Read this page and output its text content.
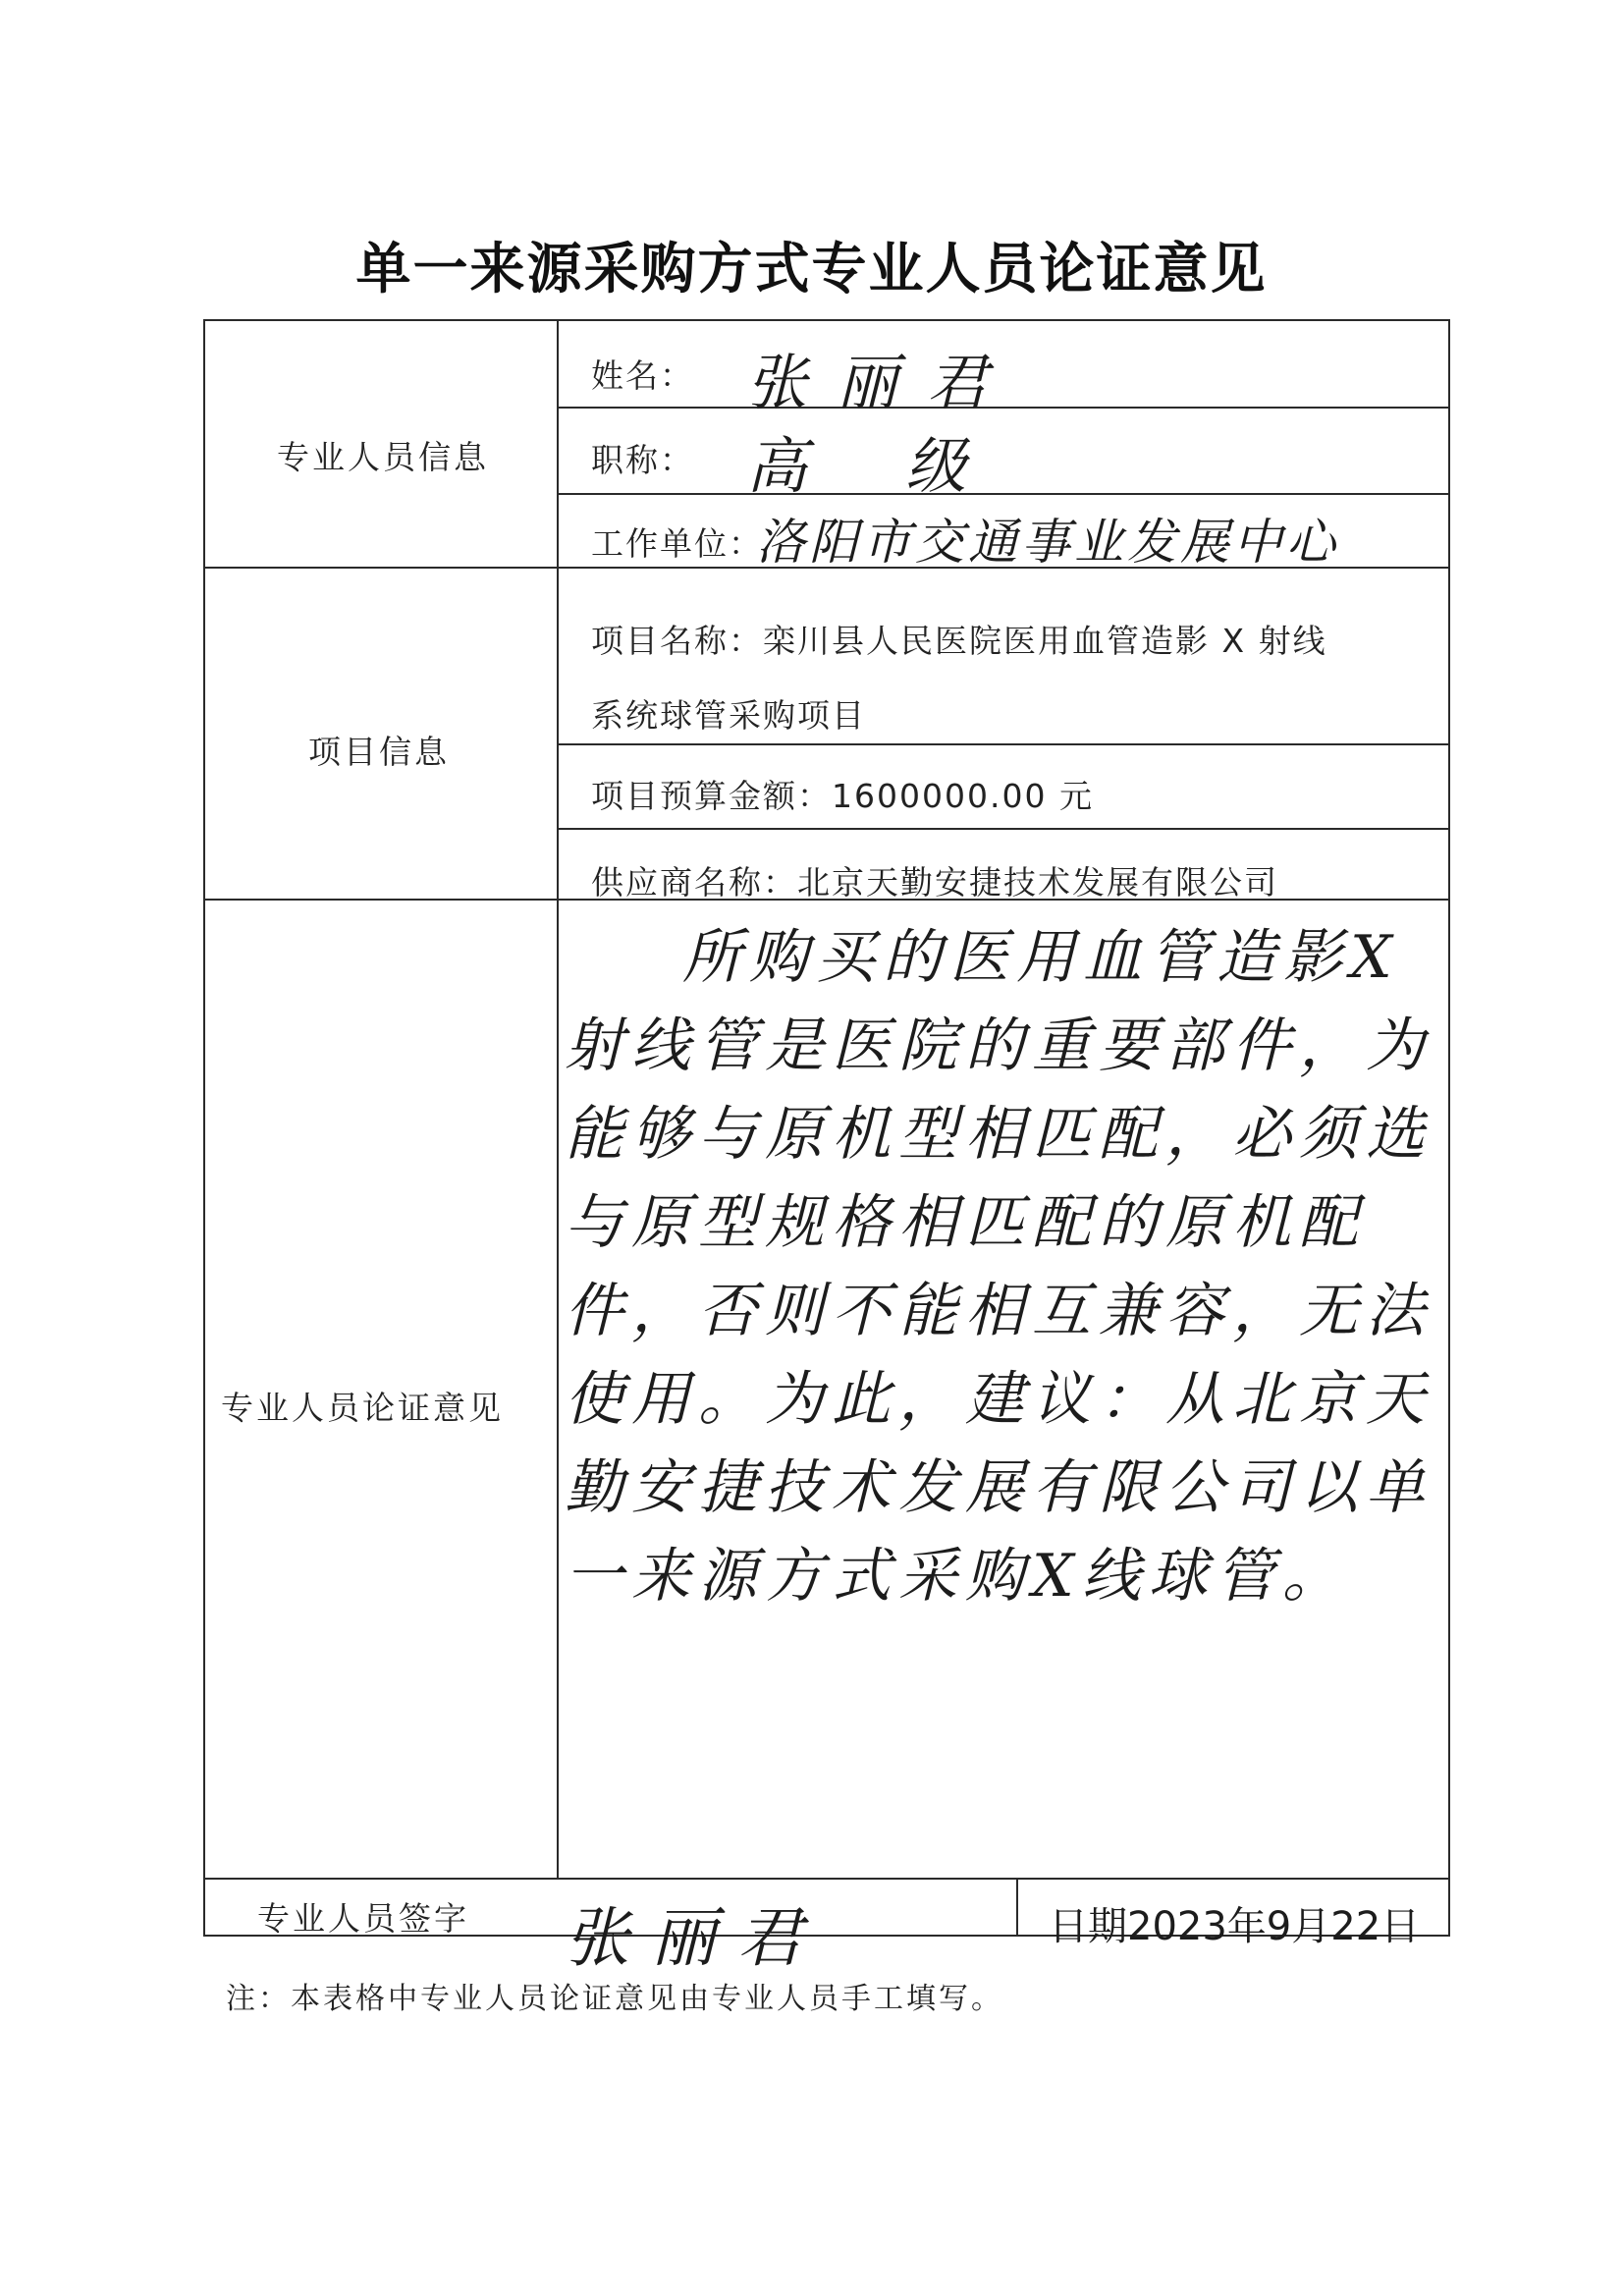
单一来源采购方式专业人员论证意见
专业人员信息
项目信息
专业人员论证意见
专业人员签字
姓名： 张丽君
职称： 高级
工作单位：
洛阳市交通事业发展中心
项目名称：栾川县人民医院医用血管造影 X 射线
系统球管采购项目
项目预算金额：1600000.00 元
供应商名称：北京天勤安捷技术发展有限公司
所购买的医用血管造影X射线管是医院的重要部件，为能够与原机型相匹配，必须选与原型规格相匹配的原机配件，否则不能相互兼容，无法使用。为此，建议：从北京天勤安捷技术发展有限公司以单一来源方式采购X线球管。
张丽君	日期2023年9月22日
注：本表格中专业人员论证意见由专业人员手工填写。
